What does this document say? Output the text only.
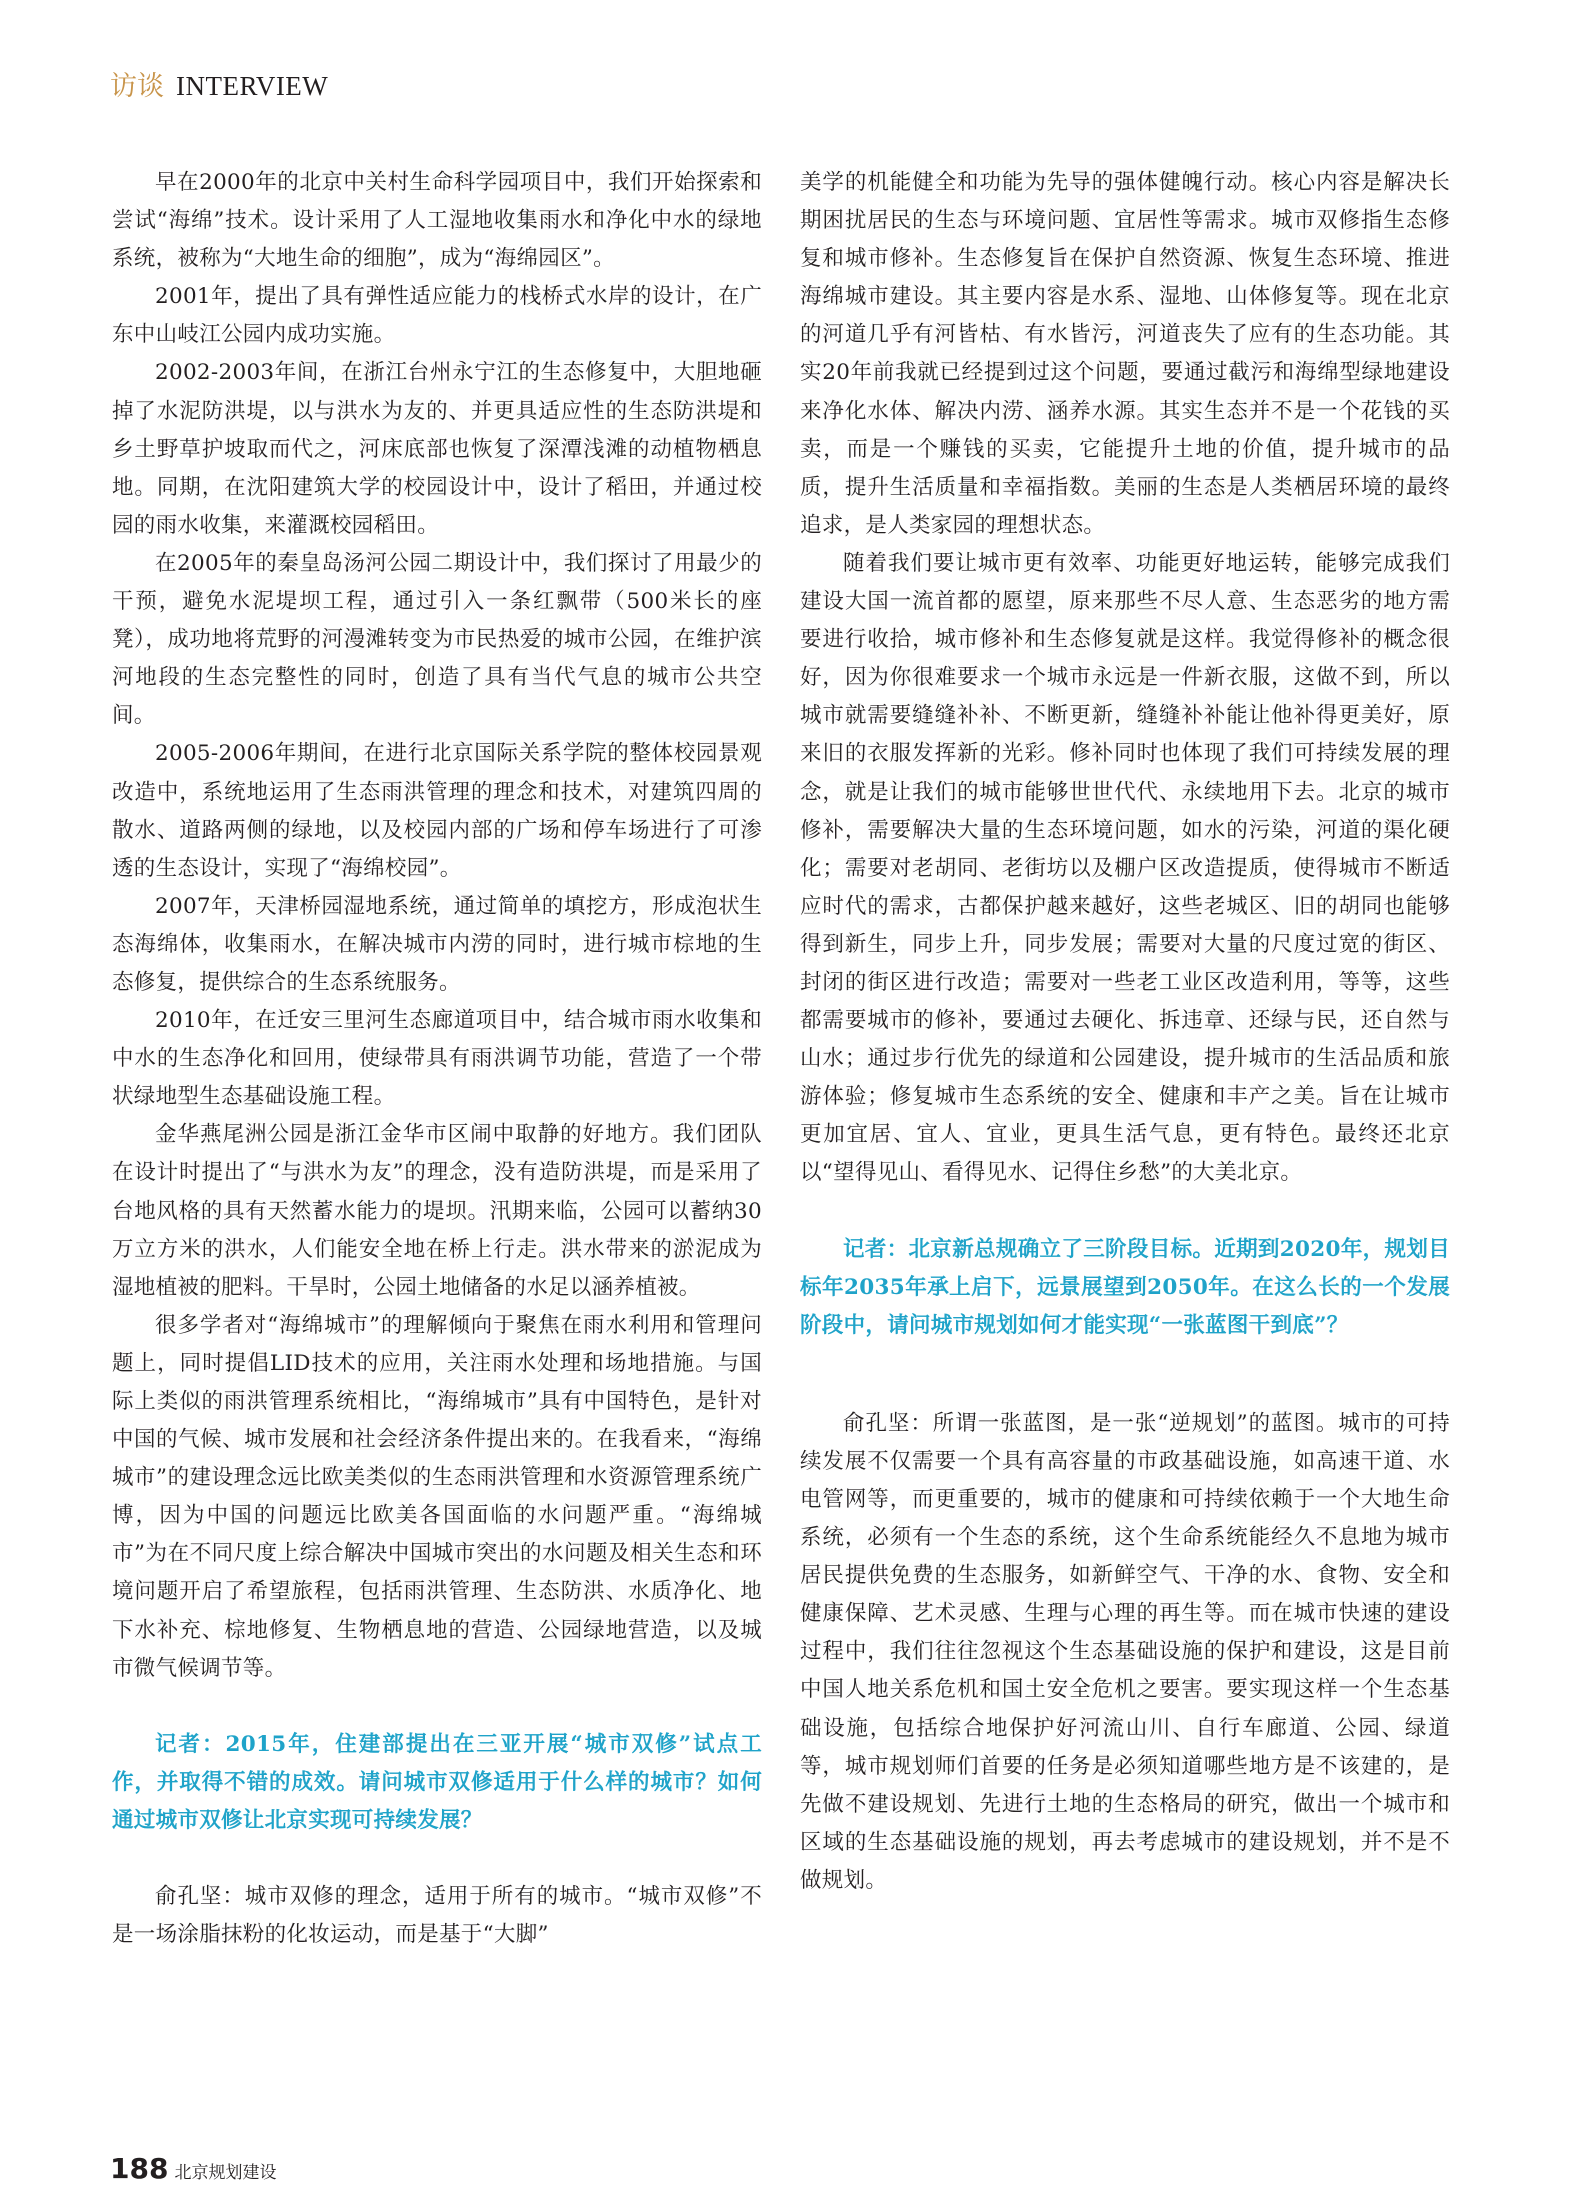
访谈 INTERVIEW

早在2000年的北京中关村生命科学园项目中，我们开始探索和尝试“海绵”技术。设计采用了人工湿地收集雨水和净化中水的绿地系统，被称为“大地生命的细胞”，成为“海绵园区”。

2001年，提出了具有弹性适应能力的栈桥式水岸的设计，在广东中山岐江公园内成功实施。

2002-2003年间，在浙江台州永宁江的生态修复中，大胆地砸掉了水泥防洪堤，以与洪水为友的、并更具适应性的生态防洪堤和乡土野草护坡取而代之，河床底部也恢复了深潭浅滩的动植物栖息地。同期，在沈阳建筑大学的校园设计中，设计了稻田，并通过校园的雨水收集，来灌溉校园稻田。

在2005年的秦皇岛汤河公园二期设计中，我们探讨了用最少的干预，避免水泥堤坝工程，通过引入一条红飘带（500米长的座凳），成功地将荒野的河漫滩转变为市民热爱的城市公园，在维护滨河地段的生态完整性的同时，创造了具有当代气息的城市公共空间。

2005-2006年期间，在进行北京国际关系学院的整体校园景观改造中，系统地运用了生态雨洪管理的理念和技术，对建筑四周的散水、道路两侧的绿地，以及校园内部的广场和停车场进行了可渗透的生态设计，实现了“海绵校园”。

2007年，天津桥园湿地系统，通过简单的填挖方，形成泡状生态海绵体，收集雨水，在解决城市内涝的同时，进行城市棕地的生态修复，提供综合的生态系统服务。

2010年，在迁安三里河生态廊道项目中，结合城市雨水收集和中水的生态净化和回用，使绿带具有雨洪调节功能，营造了一个带状绿地型生态基础设施工程。

金华燕尾洲公园是浙江金华市区闹中取静的好地方。我们团队在设计时提出了“与洪水为友”的理念，没有造防洪堤，而是采用了台地风格的具有天然蓄水能力的堤坝。汛期来临，公园可以蓄纳30万立方米的洪水，人们能安全地在桥上行走。洪水带来的淤泥成为湿地植被的肥料。干旱时，公园土地储备的水足以涵养植被。

很多学者对“海绵城市”的理解倾向于聚焦在雨水利用和管理问题上，同时提倡LID技术的应用，关注雨水处理和场地措施。与国际上类似的雨洪管理系统相比，“海绵城市”具有中国特色，是针对中国的气候、城市发展和社会经济条件提出来的。在我看来，“海绵城市”的建设理念远比欧美类似的生态雨洪管理和水资源管理系统广博，因为中国的问题远比欧美各国面临的水问题严重。“海绵城市”为在不同尺度上综合解决中国城市突出的水问题及相关生态和环境问题开启了希望旅程，包括雨洪管理、生态防洪、水质净化、地下水补充、棕地修复、生物栖息地的营造、公园绿地营造，以及城市微气候调节等。

记者：2015年，住建部提出在三亚开展“城市双修”试点工作，并取得不错的成效。请问城市双修适用于什么样的城市？如何通过城市双修让北京实现可持续发展？

俞孔坚：城市双修的理念，适用于所有的城市。“城市双修”不是一场涂脂抹粉的化妆运动，而是基于“大脚”

美学的机能健全和功能为先导的强体健魄行动。核心内容是解决长期困扰居民的生态与环境问题、宜居性等需求。城市双修指生态修复和城市修补。生态修复旨在保护自然资源、恢复生态环境、推进海绵城市建设。其主要内容是水系、湿地、山体修复等。现在北京的河道几乎有河皆枯、有水皆污，河道丧失了应有的生态功能。其实20年前我就已经提到过这个问题，要通过截污和海绵型绿地建设来净化水体、解决内涝、涵养水源。其实生态并不是一个花钱的买卖，而是一个赚钱的买卖，它能提升土地的价值，提升城市的品质，提升生活质量和幸福指数。美丽的生态是人类栖居环境的最终追求，是人类家园的理想状态。

随着我们要让城市更有效率、功能更好地运转，能够完成我们建设大国一流首都的愿望，原来那些不尽人意、生态恶劣的地方需要进行收拾，城市修补和生态修复就是这样。我觉得修补的概念很好，因为你很难要求一个城市永远是一件新衣服，这做不到，所以城市就需要缝缝补补、不断更新，缝缝补补能让他补得更美好，原来旧的衣服发挥新的光彩。修补同时也体现了我们可持续发展的理念，就是让我们的城市能够世世代代、永续地用下去。北京的城市修补，需要解决大量的生态环境问题，如水的污染，河道的渠化硬化；需要对老胡同、老街坊以及棚户区改造提质，使得城市不断适应时代的需求，古都保护越来越好，这些老城区、旧的胡同也能够得到新生，同步上升，同步发展；需要对大量的尺度过宽的街区、封闭的街区进行改造；需要对一些老工业区改造利用，等等，这些都需要城市的修补，要通过去硬化、拆违章、还绿与民，还自然与山水；通过步行优先的绿道和公园建设，提升城市的生活品质和旅游体验；修复城市生态系统的安全、健康和丰产之美。旨在让城市更加宜居、宜人、宜业，更具生活气息，更有特色。最终还北京以“望得见山、看得见水、记得住乡愁”的大美北京。

记者：北京新总规确立了三阶段目标。近期到2020年，规划目标年2035年承上启下，远景展望到2050年。在这么长的一个发展阶段中，请问城市规划如何才能实现“一张蓝图干到底”？

俞孔坚：所谓一张蓝图，是一张“逆规划”的蓝图。城市的可持续发展不仅需要一个具有高容量的市政基础设施，如高速干道、水电管网等，而更重要的，城市的健康和可持续依赖于一个大地生命系统，必须有一个生态的系统，这个生命系统能经久不息地为城市居民提供免费的生态服务，如新鲜空气、干净的水、食物、安全和健康保障、艺术灵感、生理与心理的再生等。而在城市快速的建设过程中，我们往往忽视这个生态基础设施的保护和建设，这是目前中国人地关系危机和国土安全危机之要害。要实现这样一个生态基础设施，包括综合地保护好河流山川、自行车廊道、公园、绿道等，城市规划师们首要的任务是必须知道哪些地方是不该建的，是先做不建设规划、先进行土地的生态格局的研究，做出一个城市和区域的生态基础设施的规划，再去考虑城市的建设规划，并不是不做规划。

188 北京规划建设
